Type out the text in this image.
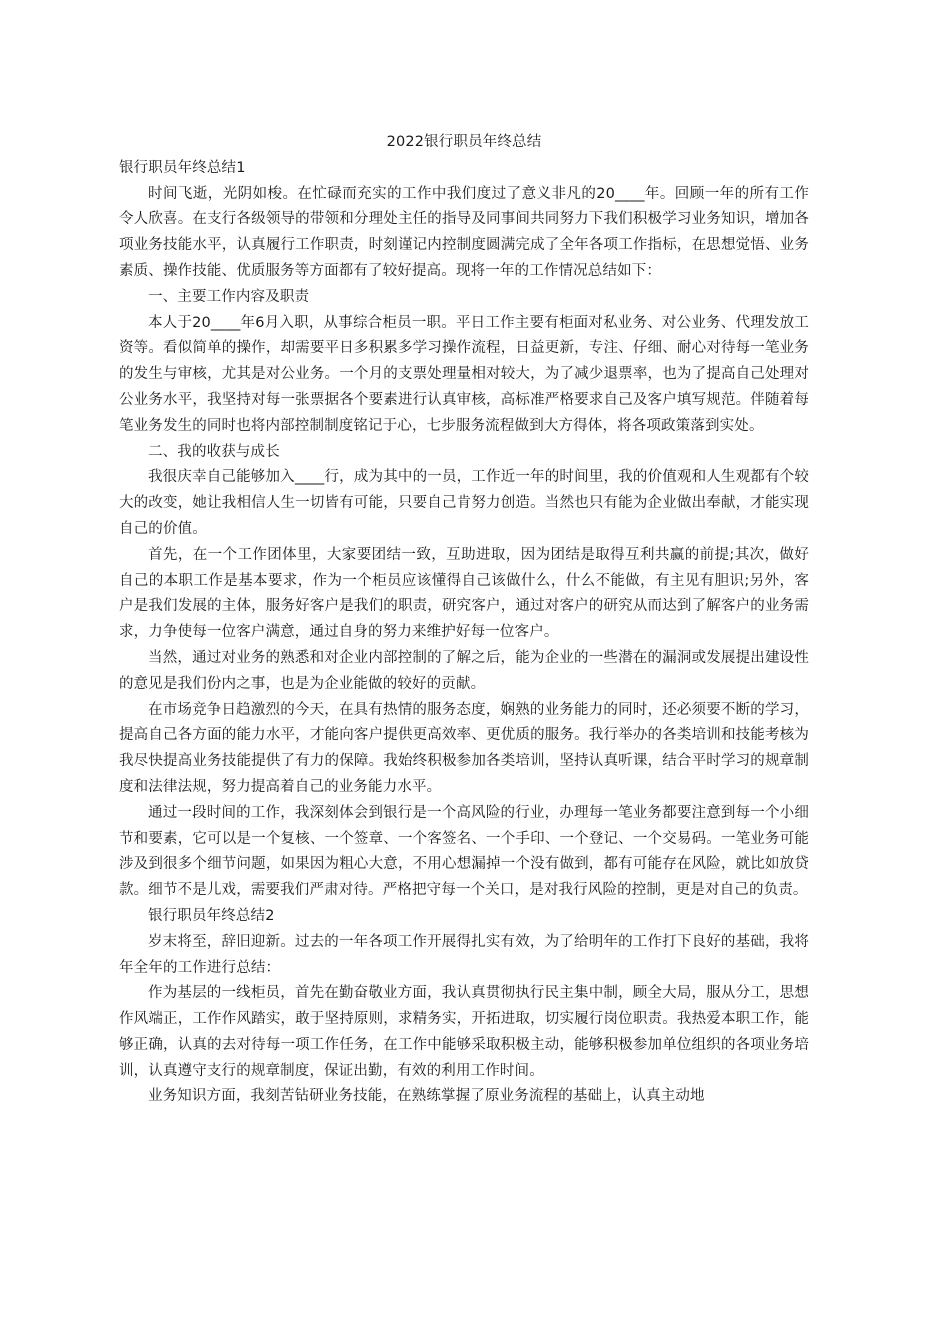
2022银行职员年终总结

银行职员年终总结1

时间飞逝，光阴如梭。在忙碌而充实的工作中我们度过了意义非凡的20____年。回顾一年的所有工作令人欣喜。在支行各级领导的带领和分理处主任的指导及同事间共同努力下我们积极学习业务知识，增加各项业务技能水平，认真履行工作职责，时刻谨记内控制度圆满完成了全年各项工作指标，在思想觉悟、业务素质、操作技能、优质服务等方面都有了较好提高。现将一年的工作情况总结如下：

一、主要工作内容及职责

本人于20____年6月入职，从事综合柜员一职。平日工作主要有柜面对私业务、对公业务、代理发放工资等。看似简单的操作，却需要平日多积累多学习操作流程，日益更新，专注、仔细、耐心对待每一笔业务的发生与审核，尤其是对公业务。一个月的支票处理量相对较大，为了减少退票率，也为了提高自己处理对公业务水平，我坚持对每一张票据各个要素进行认真审核，高标准严格要求自己及客户填写规范。伴随着每笔业务发生的同时也将内部控制制度铭记于心，七步服务流程做到大方得体，将各项政策落到实处。

二、我的收获与成长

我很庆幸自己能够加入____行，成为其中的一员，工作近一年的时间里，我的价值观和人生观都有个较大的改变，她让我相信人生一切皆有可能，只要自己肯努力创造。当然也只有能为企业做出奉献，才能实现自己的价值。

首先，在一个工作团体里，大家要团结一致，互助进取，因为团结是取得互利共赢的前提;其次，做好自己的本职工作是基本要求，作为一个柜员应该懂得自己该做什么，什么不能做，有主见有胆识;另外，客户是我们发展的主体，服务好客户是我们的职责，研究客户，通过对客户的研究从而达到了解客户的业务需求，力争使每一位客户满意，通过自身的努力来维护好每一位客户。

当然，通过对业务的熟悉和对企业内部控制的了解之后，能为企业的一些潜在的漏洞或发展提出建设性的意见是我们份内之事，也是为企业能做的较好的贡献。

在市场竞争日趋激烈的今天，在具有热情的服务态度，娴熟的业务能力的同时，还必须要不断的学习，提高自己各方面的能力水平，才能向客户提供更高效率、更优质的服务。我行举办的各类培训和技能考核为我尽快提高业务技能提供了有力的保障。我始终积极参加各类培训，坚持认真听课，结合平时学习的规章制度和法律法规，努力提高着自己的业务能力水平。

通过一段时间的工作，我深刻体会到银行是一个高风险的行业，办理每一笔业务都要注意到每一个小细节和要素，它可以是一个复核、一个签章、一个客签名、一个手印、一个登记、一个交易码。一笔业务可能涉及到很多个细节问题，如果因为粗心大意，不用心想漏掉一个没有做到，都有可能存在风险，就比如放贷款。细节不是儿戏，需要我们严肃对待。严格把守每一个关口，是对我行风险的控制，更是对自己的负责。

银行职员年终总结2

岁末将至，辞旧迎新。过去的一年各项工作开展得扎实有效，为了给明年的工作打下良好的基础，我将年全年的工作进行总结：

作为基层的一线柜员，首先在勤奋敬业方面，我认真贯彻执行民主集中制，顾全大局，服从分工，思想作风端正，工作作风踏实，敢于坚持原则，求精务实，开拓进取，切实履行岗位职责。我热爱本职工作，能够正确，认真的去对待每一项工作任务，在工作中能够采取积极主动，能够积极参加单位组织的各项业务培训，认真遵守支行的规章制度，保证出勤，有效的利用工作时间。

业务知识方面，我刻苦钻研业务技能，在熟练掌握了原业务流程的基础上，认真主动地
